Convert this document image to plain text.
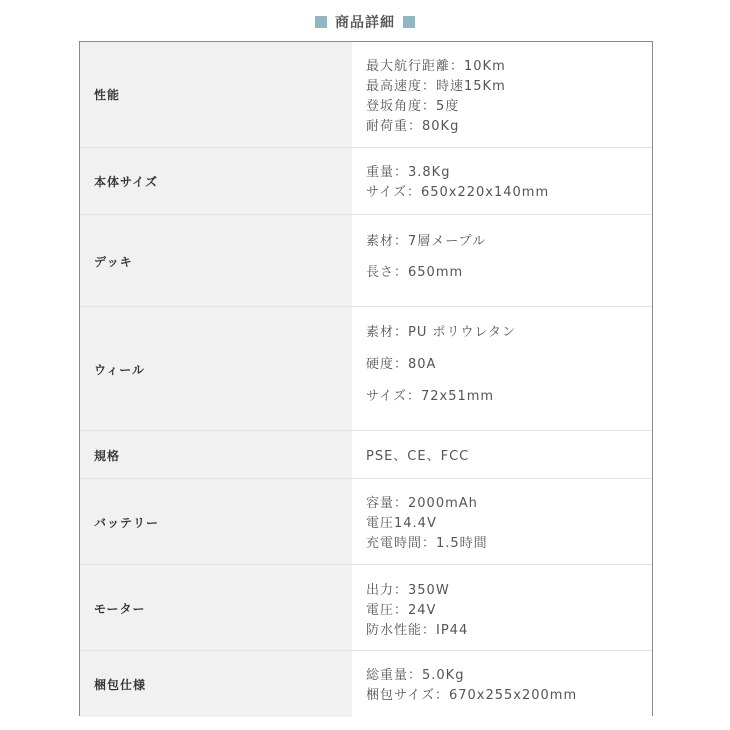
商品詳細
性能
最大航行距離：10Km
最高速度：時速15Km
登坂角度：5度
耐荷重：80Kg
本体サイズ
重量：3.8Kg
サイズ：650x220x140mm
デッキ
素材：7層メープル
長さ：650mm
ウィール
素材：PU ポリウレタン
硬度：80A
サイズ：72x51mm
規格	PSE、CE、FCC
バッテリー
容量：2000mAh
電圧14.4V
充電時間：1.5時間
モーター
出力：350W
電圧：24V
防水性能：IP44
梱包仕様
総重量：5.0Kg
梱包サイズ：670x255x200mm
